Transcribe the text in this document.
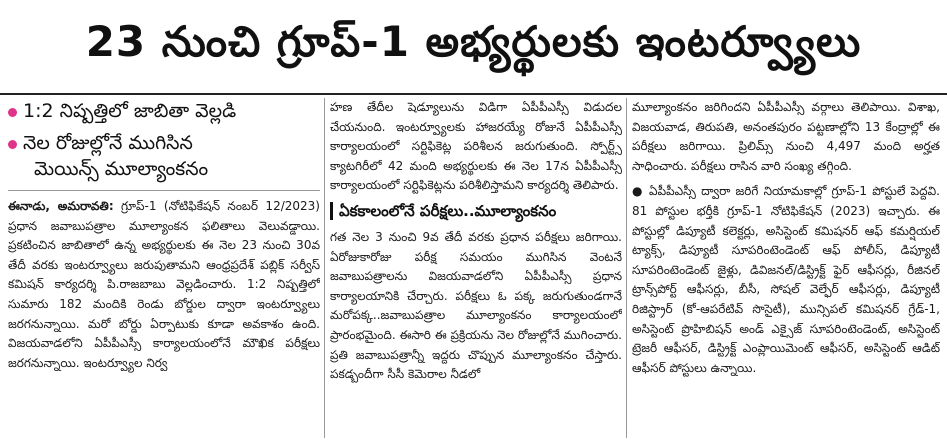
23 నుంచి గ్రూప్-1 అభ్యర్థులకు ఇంటర్వ్యూలు
1:2 నిష్పత్తిలో జాబితా వెల్లడి
నెల రోజుల్లోనే ముగిసిన
మెయిన్స్ మూల్యాంకనం

ఈనాడు, అమరావతి: గ్రూప్-1 (నోటిఫికేషన్ నంబర్ 12/2023) ప్రధాన జవాబుపత్రాల మూల్యాంకన ఫలితాలు వెలువడ్డాయి. ప్రకటించిన జాబితాలో ఉన్న అభ్యర్థులకు ఈ నెల 23 నుంచి 30వ తేదీ వరకు ఇంటర్వ్యూలు జరుపుతామని ఆంధ్రప్రదేశ్ పబ్లిక్ సర్వీస్ కమిషన్ కార్యదర్శి పి.రాజబాబు వెల్లడించారు. 1:2 నిష్పత్తిలో సుమారు 182 మందికి రెండు బోర్డుల ద్వారా ఇంటర్వ్యూలు జరగనున్నాయి. మరో బోర్డు ఏర్పాటుకు కూడా అవకాశం ఉంది. విజయవాడలోని ఏపీపీఎస్సీ కార్యాలయంలోనే మౌఖిక పరీక్షలు జరగనున్నాయి. ఇంటర్వ్యూల నిర్వ

హణ తేదీల షెడ్యూలును విడిగా ఏపీపీఎస్సీ విడుదల చేయనుంది. ఇంటర్వ్యూలకు హాజరయ్యే రోజునే ఏపీపీఎస్సీ కార్యాలయంలో సర్టిఫికెట్ల పరిశీలన జరుగుతుంది. స్పోర్ట్స్ క్యాటగిరీలో 42 మంది అభ్యర్థులకు ఈ నెల 17న ఏపీపీఎస్సీ కార్యాలయంలో సర్టిఫికెట్లను పరిశీలిస్తామని కార్యదర్శి తెలిపారు.

ఏకకాలంలోనే పరీక్షలు..మూల్యాంకనం

గత నెల 3 నుంచి 9వ తేదీ వరకు ప్రధాన పరీక్షలు జరిగాయి. ఏరోజుకారోజు పరీక్ష సమయం ముగిసిన వెంటనే జవాబుపత్రాలను విజయవాడలోని ఏపీపీఎస్సీ ప్రధాన కార్యాలయానికి చేర్చారు. పరీక్షలు ఓ పక్క జరుగుతుండగానే మరోపక్క..జవాబుపత్రాల మూల్యాంకనం కార్యాలయంలో ప్రారంభమైంది. ఈసారి ఈ ప్రక్రియను నెల రోజుల్లోనే ముగించారు. ప్రతి జవాబుపత్రాన్నీ ఇద్దరు చొప్పున మూల్యాంకనం చేస్తారు. పకడ్బందీగా సీసీ కెమెరాల నీడలో

మూల్యాంకనం జరిగిందని ఏపీపీఎస్సీ వర్గాలు తెలిపాయి. విశాఖ, విజయవాడ, తిరుపతి, అనంతపురం పట్టణాల్లోని 13 కేంద్రాల్లో ఈ పరీక్షలు జరిగాయి. ప్రిలిమ్స్ నుంచి 4,497 మంది అర్హత సాధించారు. పరీక్షలు రాసిన వారి సంఖ్య తగ్గింది.

● ఏపీపీఎస్సీ ద్వారా జరిగే నియామకాల్లో గ్రూప్-1 పోస్టులే పెద్దవి. 81 పోస్టుల భర్తీకి గ్రూప్-1 నోటిఫికేషన్ (2023) ఇచ్చారు. ఈ పోస్టుల్లో డిప్యూటీ కలెక్టర్లు, అసిస్టెంట్ కమిషనర్ ఆఫ్ కమర్షియల్ ట్యాక్స్, డిప్యూటీ సూపరింటెండెంట్ ఆఫ్ పోలీస్, డిప్యూటీ సూపరింటెండెంట్ జైళ్లు, డివిజనల్/డిస్ట్రిక్ట్ ఫైర్ ఆఫీసర్లు, రీజినల్ ట్రాన్స్‌పోర్ట్ ఆఫీసర్లు, బీసీ, సోషల్ వెల్ఫేర్ ఆఫీసర్లు, డిప్యూటీ రిజిస్ట్రార్ (కో-ఆపరేటివ్ సొసైటీ), మున్సిపల్ కమిషనర్ గ్రేడ్-1, అసిస్టెంట్ ప్రొహిబిషన్ అండ్ ఎక్సైజ్ సూపరింటెండెంట్, అసిస్టెంట్ ట్రెజరీ ఆఫీసర్, డిస్ట్రిక్ట్ ఎంప్లాయిమెంట్ ఆఫీసర్, అసిస్టెంట్ ఆడిట్ ఆఫీసర్ పోస్టులు ఉన్నాయి.
